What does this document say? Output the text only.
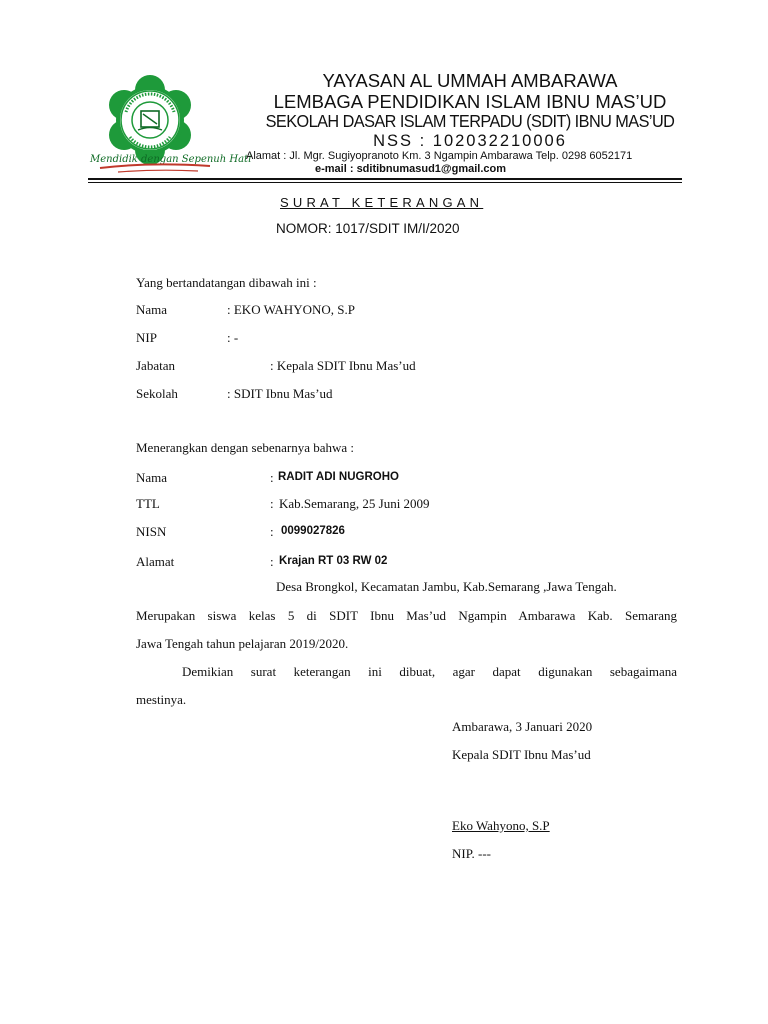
Mendidik dengan Sepenuh Hati
YAYASAN AL UMMAH AMBARAWA
LEMBAGA PENDIDIKAN ISLAM IBNU MAS’UD
SEKOLAH DASAR ISLAM TERPADU (SDIT) IBNU MAS’UD
NSS : 102032210006
Alamat : Jl. Mgr. Sugiyopranoto Km. 3 Ngampin Ambarawa Telp. 0298 6052171
e-mail : sditibnumasud1@gmail.com
SURAT KETERANGAN
NOMOR: 1017/SDIT IM/I/2020
Yang bertandatangan dibawah ini :
Nama	: EKO WAHYONO, S.P
NIP	: -
Jabatan	: Kepala SDIT Ibnu Mas’ud
Sekolah	: SDIT Ibnu Mas’ud
Menerangkan dengan sebenarnya bahwa :
Nama	: RADIT ADI NUGROHO
TTL	: Kab.Semarang, 25 Juni 2009
NISN	: 0099027826
Alamat	: Krajan RT 03 RW 02
Desa Brongkol, Kecamatan Jambu, Kab.Semarang ,Jawa Tengah.
Merupakan siswa kelas 5 di SDIT Ibnu Mas’ud Ngampin Ambarawa Kab. Semarang
Jawa Tengah tahun pelajaran 2019/2020.
Demikian surat keterangan ini dibuat, agar dapat digunakan sebagaimana
mestinya.
Ambarawa, 3 Januari 2020
Kepala SDIT Ibnu Mas’ud
Eko Wahyono, S.P
NIP. ---
